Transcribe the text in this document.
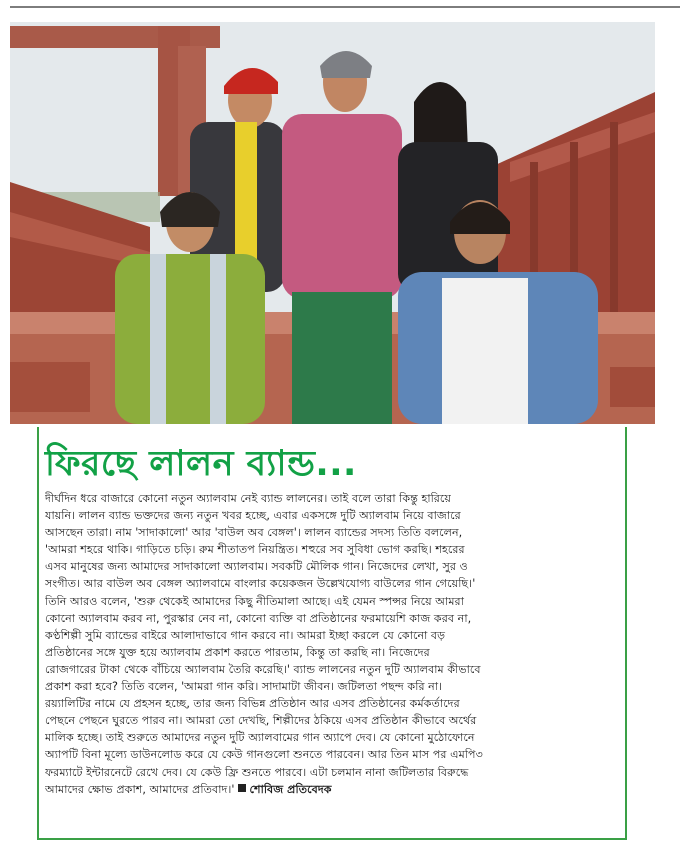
ফিরছে লালন ব্যান্ড...
দীর্ঘদিন ধরে বাজারে কোনো নতুন অ্যালবাম নেই ব্যান্ড লালনের। তাই বলে তারা কিন্তু হারিয়ে
যায়নি। লালন ব্যান্ড ভক্তদের জন্য নতুন খবর হচ্ছে, এবার একসঙ্গে দুটি অ্যালবাম নিয়ে বাজারে
আসছেন তারা। নাম 'সাদাকালো' আর 'বাউল অব বেঙ্গল'। লালন ব্যান্ডের সদস্য তিতি বললেন,
'আমরা শহরে থাকি। গাড়িতে চড়ি। রুম শীতাতপ নিয়ন্ত্রিত। শহুরে সব সুবিধা ভোগ করছি। শহরের
এসব মানুষের জন্য আমাদের সাদাকালো অ্যালবাম। সবকটি মৌলিক গান। নিজেদের লেখা, সুর ও
সংগীত। আর বাউল অব বেঙ্গল অ্যালবামে বাংলার কয়েকজন উল্লেখযোগ্য বাউলের গান গেয়েছি।'
তিনি আরও বলেন, 'শুরু থেকেই আমাদের কিছু নীতিমালা আছে। এই যেমন স্পন্সর নিয়ে আমরা
কোনো অ্যালবাম করব না, পুরস্কার নেব না, কোনো ব্যক্তি বা প্রতিষ্ঠানের ফরমায়েশি কাজ করব না,
কণ্ঠশিল্পী সুমি ব্যান্ডের বাইরে আলাদাভাবে গান করবে না। আমরা ইচ্ছা করলে যে কোনো বড়
প্রতিষ্ঠানের সঙ্গে যুক্ত হয়ে অ্যালবাম প্রকাশ করতে পারতাম, কিন্তু তা করছি না। নিজেদের
রোজগারের টাকা থেকে বাঁচিয়ে অ্যালবাম তৈরি করেছি।' ব্যান্ড লালনের নতুন দুটি অ্যালবাম কীভাবে
প্রকাশ করা হবে? তিতি বলেন, 'আমরা গান করি। সাদামাটা জীবন। জটিলতা পছন্দ করি না।
রয়্যালিটির নামে যে প্রহসন হচ্ছে, তার জন্য বিভিন্ন প্রতিষ্ঠান আর এসব প্রতিষ্ঠানের কর্মকর্তাদের
পেছনে পেছনে ঘুরতে পারব না। আমরা তো দেখছি, শিল্পীদের ঠকিয়ে এসব প্রতিষ্ঠান কীভাবে অর্থের
মালিক হচ্ছে। তাই শুরুতে আমাদের নতুন দুটি অ্যালবামের গান অ্যাপে দেব। যে কোনো মুঠোফোনে
অ্যাপটি বিনা মূল্যে ডাউনলোড করে যে কেউ গানগুলো শুনতে পারবেন। আর তিন মাস পর এমপি৩
ফরম্যাটে ইন্টারনেটে রেখে দেব। যে কেউ ফ্রি শুনতে পারবে। এটা চলমান নানা জটিলতার বিরুদ্ধে
আমাদের ক্ষোভ প্রকাশ, আমাদের প্রতিবাদ।' শোবিজ প্রতিবেদক
